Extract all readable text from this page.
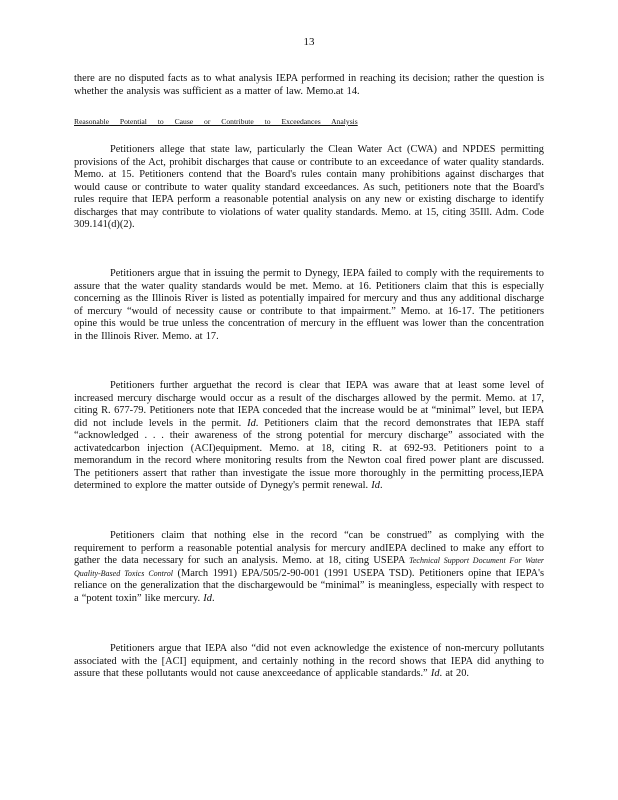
13

there are no disputed facts as to what analysis IEPA performed in reaching its decision; rather the question is whether the analysis was sufficient as a matter of law. Memo.at 14.

Reasonable Potential to Cause or Contribute to Exceedances Analysis

Petitioners allege that state law, particularly the Clean Water Act (CWA) and NPDES permitting provisions of the Act, prohibit discharges that cause or contribute to an exceedance of water quality standards. Memo. at 15. Petitioners contend that the Board's rules contain many prohibitions against discharges that would cause or contribute to water quality standard exceedances. As such, petitioners note that the Board's rules require that IEPA perform a reasonable potential analysis on any new or existing discharge to identify discharges that may contribute to violations of water quality standards. Memo. at 15, citing 35Ill. Adm. Code 309.141(d)(2).

Petitioners argue that in issuing the permit to Dynegy, IEPA failed to comply with the requirements to assure that the water quality standards would be met. Memo. at 16. Petitioners claim that this is especially concerning as the Illinois River is listed as potentially impaired for mercury and thus any additional discharge of mercury “would of necessity cause or contribute to that impairment.” Memo. at 16-17. The petitioners opine this would be true unless the concentration of mercury in the effluent was lower than the concentration in the Illinois River. Memo. at 17.

Petitioners further arguethat the record is clear that IEPA was aware that at least some level of increased mercury discharge would occur as a result of the discharges allowed by the permit. Memo. at 17, citing R. 677-79. Petitioners note that IEPA conceded that the increase would be at “minimal” level, but IEPA did not include levels in the permit. Id. Petitioners claim that the record demonstrates that IEPA staff “acknowledged . . . their awareness of the strong potential for mercury discharge” associated with the activatedcarbon injection (ACI)equipment. Memo. at 18, citing R. at 692-93. Petitioners point to a memorandum in the record where monitoring results from the Newton coal fired power plant are discussed. The petitioners assert that rather than investigate the issue more thoroughly in the permitting process,IEPA determined to explore the matter outside of Dynegy's permit renewal. Id.

Petitioners claim that nothing else in the record “can be construed” as complying with the requirement to perform a reasonable potential analysis for mercury andIEPA declined to make any effort to gather the data necessary for such an analysis. Memo. at 18, citing USEPA Technical Support Document For Water Quality-Based Toxics Control (March 1991) EPA/505/2-90-001 (1991 USEPA TSD). Petitioners opine that IEPA's reliance on the generalization that the dischargewould be “minimal” is meaningless, especially with respect to a “potent toxin” like mercury. Id.

Petitioners argue that IEPA also “did not even acknowledge the existence of non-mercury pollutants associated with the [ACI] equipment, and certainly nothing in the record shows that IEPA did anything to assure that these pollutants would not cause anexceedance of applicable standards.” Id. at 20.
